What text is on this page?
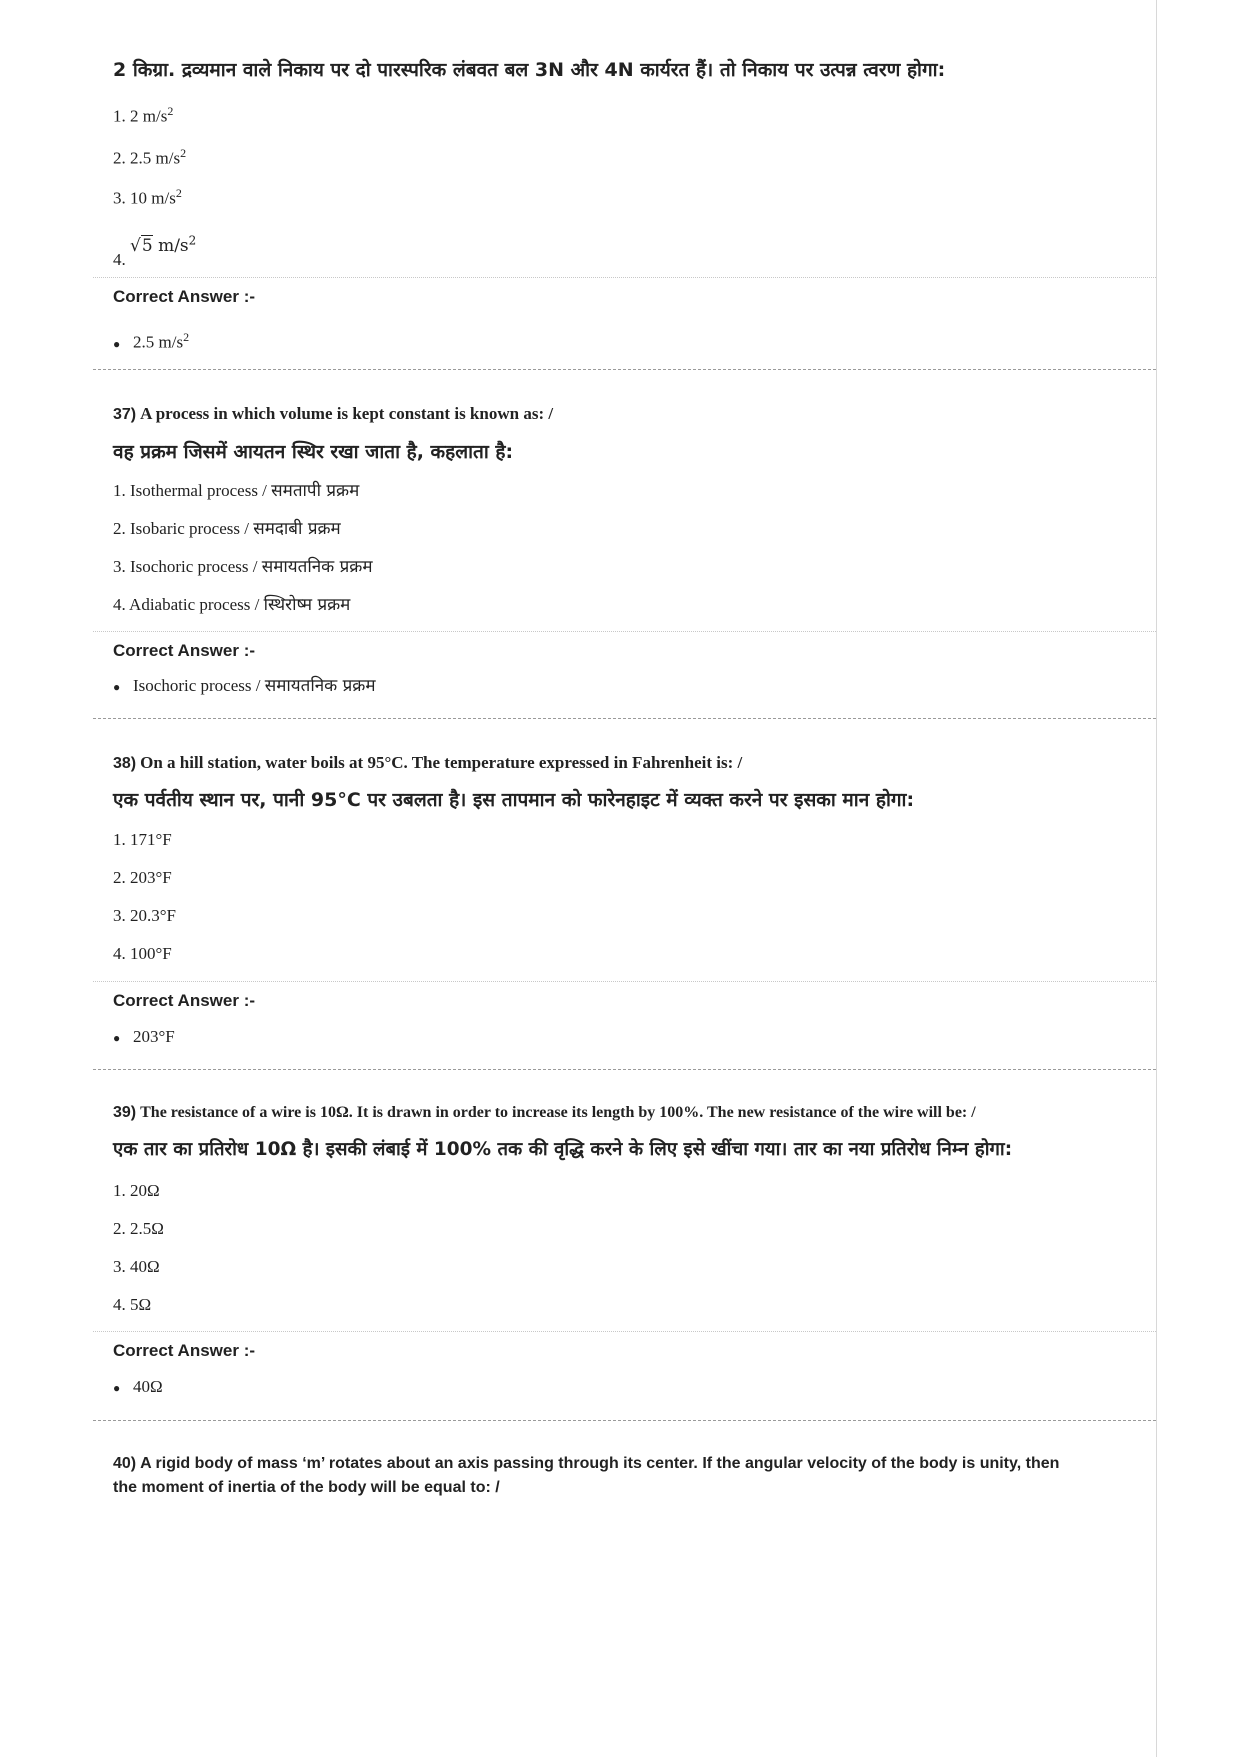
2 किग्रा. द्रव्यमान वाले निकाय पर दो पारस्परिक लंबवत बल 3N और 4N कार्यरत हैं। तो निकाय पर उत्पन्न त्वरण होगा:
1. 2 $m/s^2$
2. 2.5 $m/s^2$
3. 10 $m/s^2$
4. √5 $m/s^2$
Correct Answer :-
● 2.5 $m/s^2$
37) A process in which volume is kept constant is known as: /
वह प्रक्रम जिसमें आयतन स्थिर रखा जाता है, कहलाता है:
1. Isothermal process / समतापी प्रक्रम
2. Isobaric process / समदाबी प्रक्रम
3. Isochoric process / समायतनिक प्रक्रम
4. Adiabatic process / स्थिरोष्म प्रक्रम
Correct Answer :-
● Isochoric process / समायतनिक प्रक्रम
38) On a hill station, water boils at 95°C. The temperature expressed in Fahrenheit is: /
एक पर्वतीय स्थान पर, पानी 95°C पर उबलता है। इस तापमान को फारेनहाइट में व्यक्त करने पर इसका मान होगा:
1. 171°F
2. 203°F
3. 20.3°F
4. 100°F
Correct Answer :-
● 203°F
39) The resistance of a wire is 10Ω. It is drawn in order to increase its length by 100%. The new resistance of the wire will be: /
एक तार का प्रतिरोध 10Ω है। इसकी लंबाई में 100% तक की वृद्धि करने के लिए इसे खींचा गया। तार का नया प्रतिरोध निम्न होगा:
1. 20Ω
2. 2.5Ω
3. 40Ω
4. 5Ω
Correct Answer :-
● 40Ω
40) A rigid body of mass ‘m’ rotates about an axis passing through its center. If the angular velocity of the body is unity, then the moment of inertia of the body will be equal to: /
